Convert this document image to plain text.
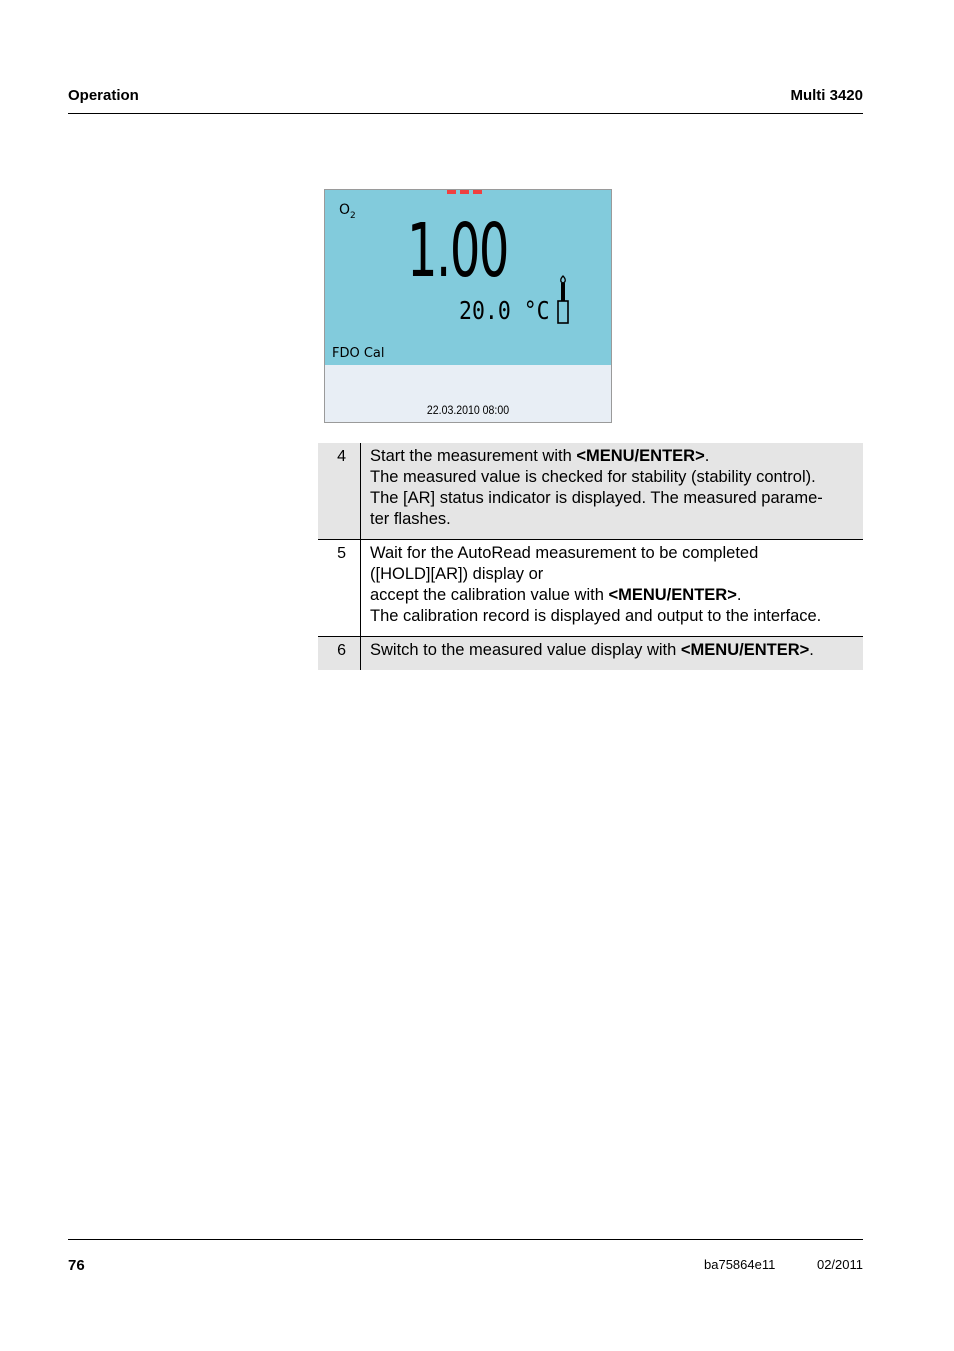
Operation	Multi 3420
$O_2$ 1.00
20.0 °C
FDO Cal
22.03.2010 08:00
4	Start the measurement with <MENU/ENTER>.
The measured value is checked for stability (stability control).
The [AR] status indicator is displayed. The measured parame-
ter flashes.
5	Wait for the AutoRead measurement to be completed
([HOLD][AR]) display or
accept the calibration value with <MENU/ENTER>.
The calibration record is displayed and output to the interface.
6	Switch to the measured value display with <MENU/ENTER>.
76	ba75864e11	02/2011
